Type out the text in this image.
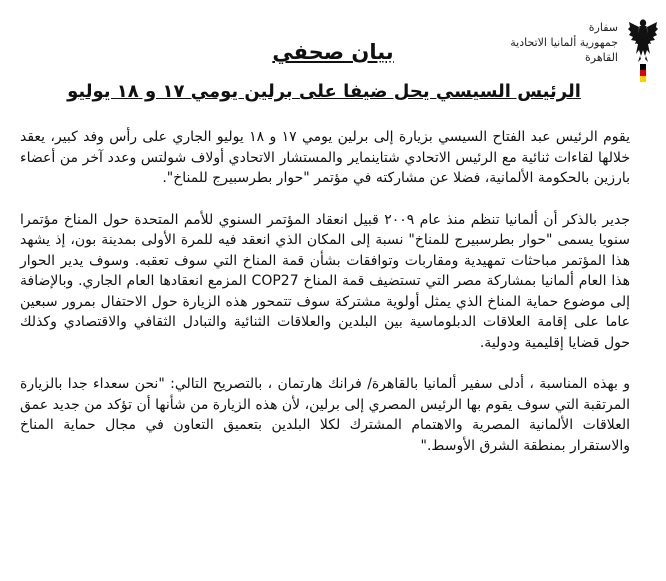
سفارة
جمهورية ألمانيا الاتحادية
القاهرة
بيان صحفي
الرئيس السيسي يحل ضيفا على برلين يومي ١٧ و ١٨ يوليو

يقوم الرئيس عبد الفتاح السيسي بزيارة إلى برلين يومي ١٧ و ١٨ يوليو الجاري على رأس وفد كبير، يعقد خلالها لقاءات ثنائية مع الرئيس الاتحادي شتاينماير والمستشار الاتحادي أولاف شولتس وعدد آخر من أعضاء بارزين بالحكومة الألمانية، فضلا عن مشاركته في مؤتمر "حوار بطرسبيرج للمناخ".

جدير بالذكر أن ألمانيا تنظم منذ عام ٢٠٠٩ قبيل انعقاد المؤتمر السنوي للأمم المتحدة حول المناخ مؤتمرا سنويا يسمى "حوار بطرسبيرج للمناخ" نسبة إلى المكان الذي انعقد فيه للمرة الأولى بمدينة بون، إذ يشهد هذا المؤتمر مباحثات تمهيدية ومقاربات وتوافقات بشأن قمة المناخ التي سوف تعقبه. وسوف يدير الحوار هذا العام ألمانيا بمشاركة مصر التي تستضيف قمة المناخ COP27 المزمع انعقادها العام الجاري. وبالإضافة إلى موضوع حماية المناخ الذي يمثل أولوية مشتركة سوف تتمحور هذه الزيارة حول الاحتفال بمرور سبعين عاما على إقامة العلاقات الدبلوماسية بين البلدين والعلاقات الثنائية والتبادل الثقافي والاقتصادي وكذلك حول قضايا إقليمية ودولية.

و بهذه المناسبة ، أدلى سفير ألمانيا بالقاهرة/ فرانك هارتمان ، بالتصريح التالي: "نحن سعداء جدا بالزيارة المرتقبة التي سوف يقوم بها الرئيس المصري إلى برلين، لأن هذه الزيارة من شأنها أن تؤكد من جديد عمق العلاقات الألمانية المصرية والاهتمام المشترك لكلا البلدين بتعميق التعاون في مجال حماية المناخ والاستقرار بمنطقة الشرق الأوسط."
